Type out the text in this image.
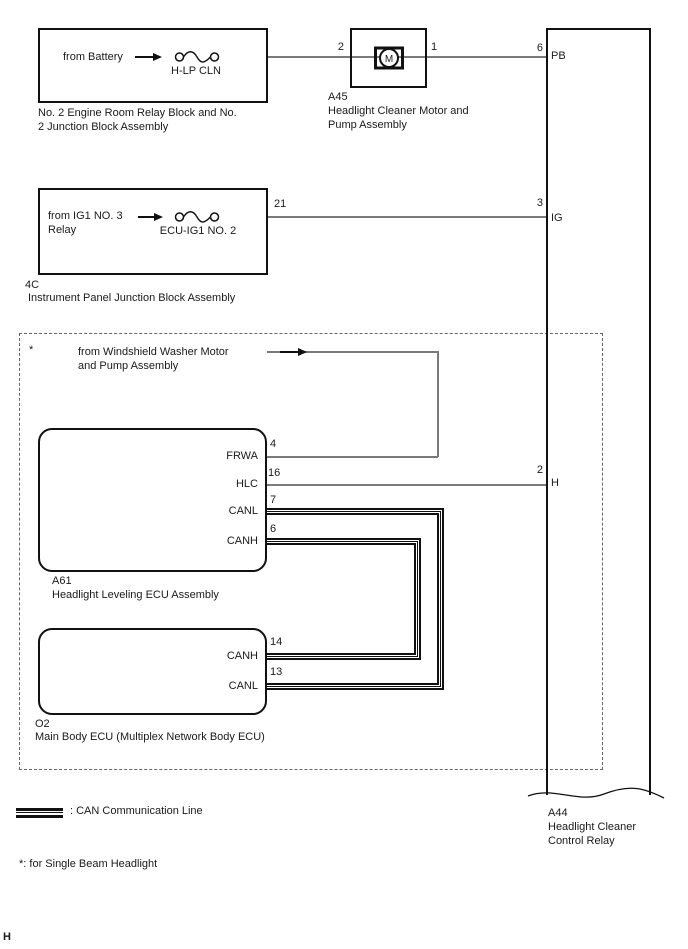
from Battery
H-LP CLN
No. 2 Engine Room Relay Block and No.
2 Junction Block Assembly
M
2	1
A45
Headlight Cleaner Motor and
Pump Assembly
from IG1 NO. 3
Relay	ECU-IG1 NO. 2
21
4C
Instrument Panel Junction Block Assembly
*	from Windshield Washer Motor
and Pump Assembly
FRWA
HLC
CANL
CANH
4
16
7
6
A61
Headlight Leveling ECU Assembly
CANH
CANL
14
13
O2
Main Body ECU (Multiplex Network Body ECU)
6
PB
3
IG
2
H
A44
Headlight Cleaner
Control Relay
: CAN Communication Line
*: for Single Beam Headlight
H
